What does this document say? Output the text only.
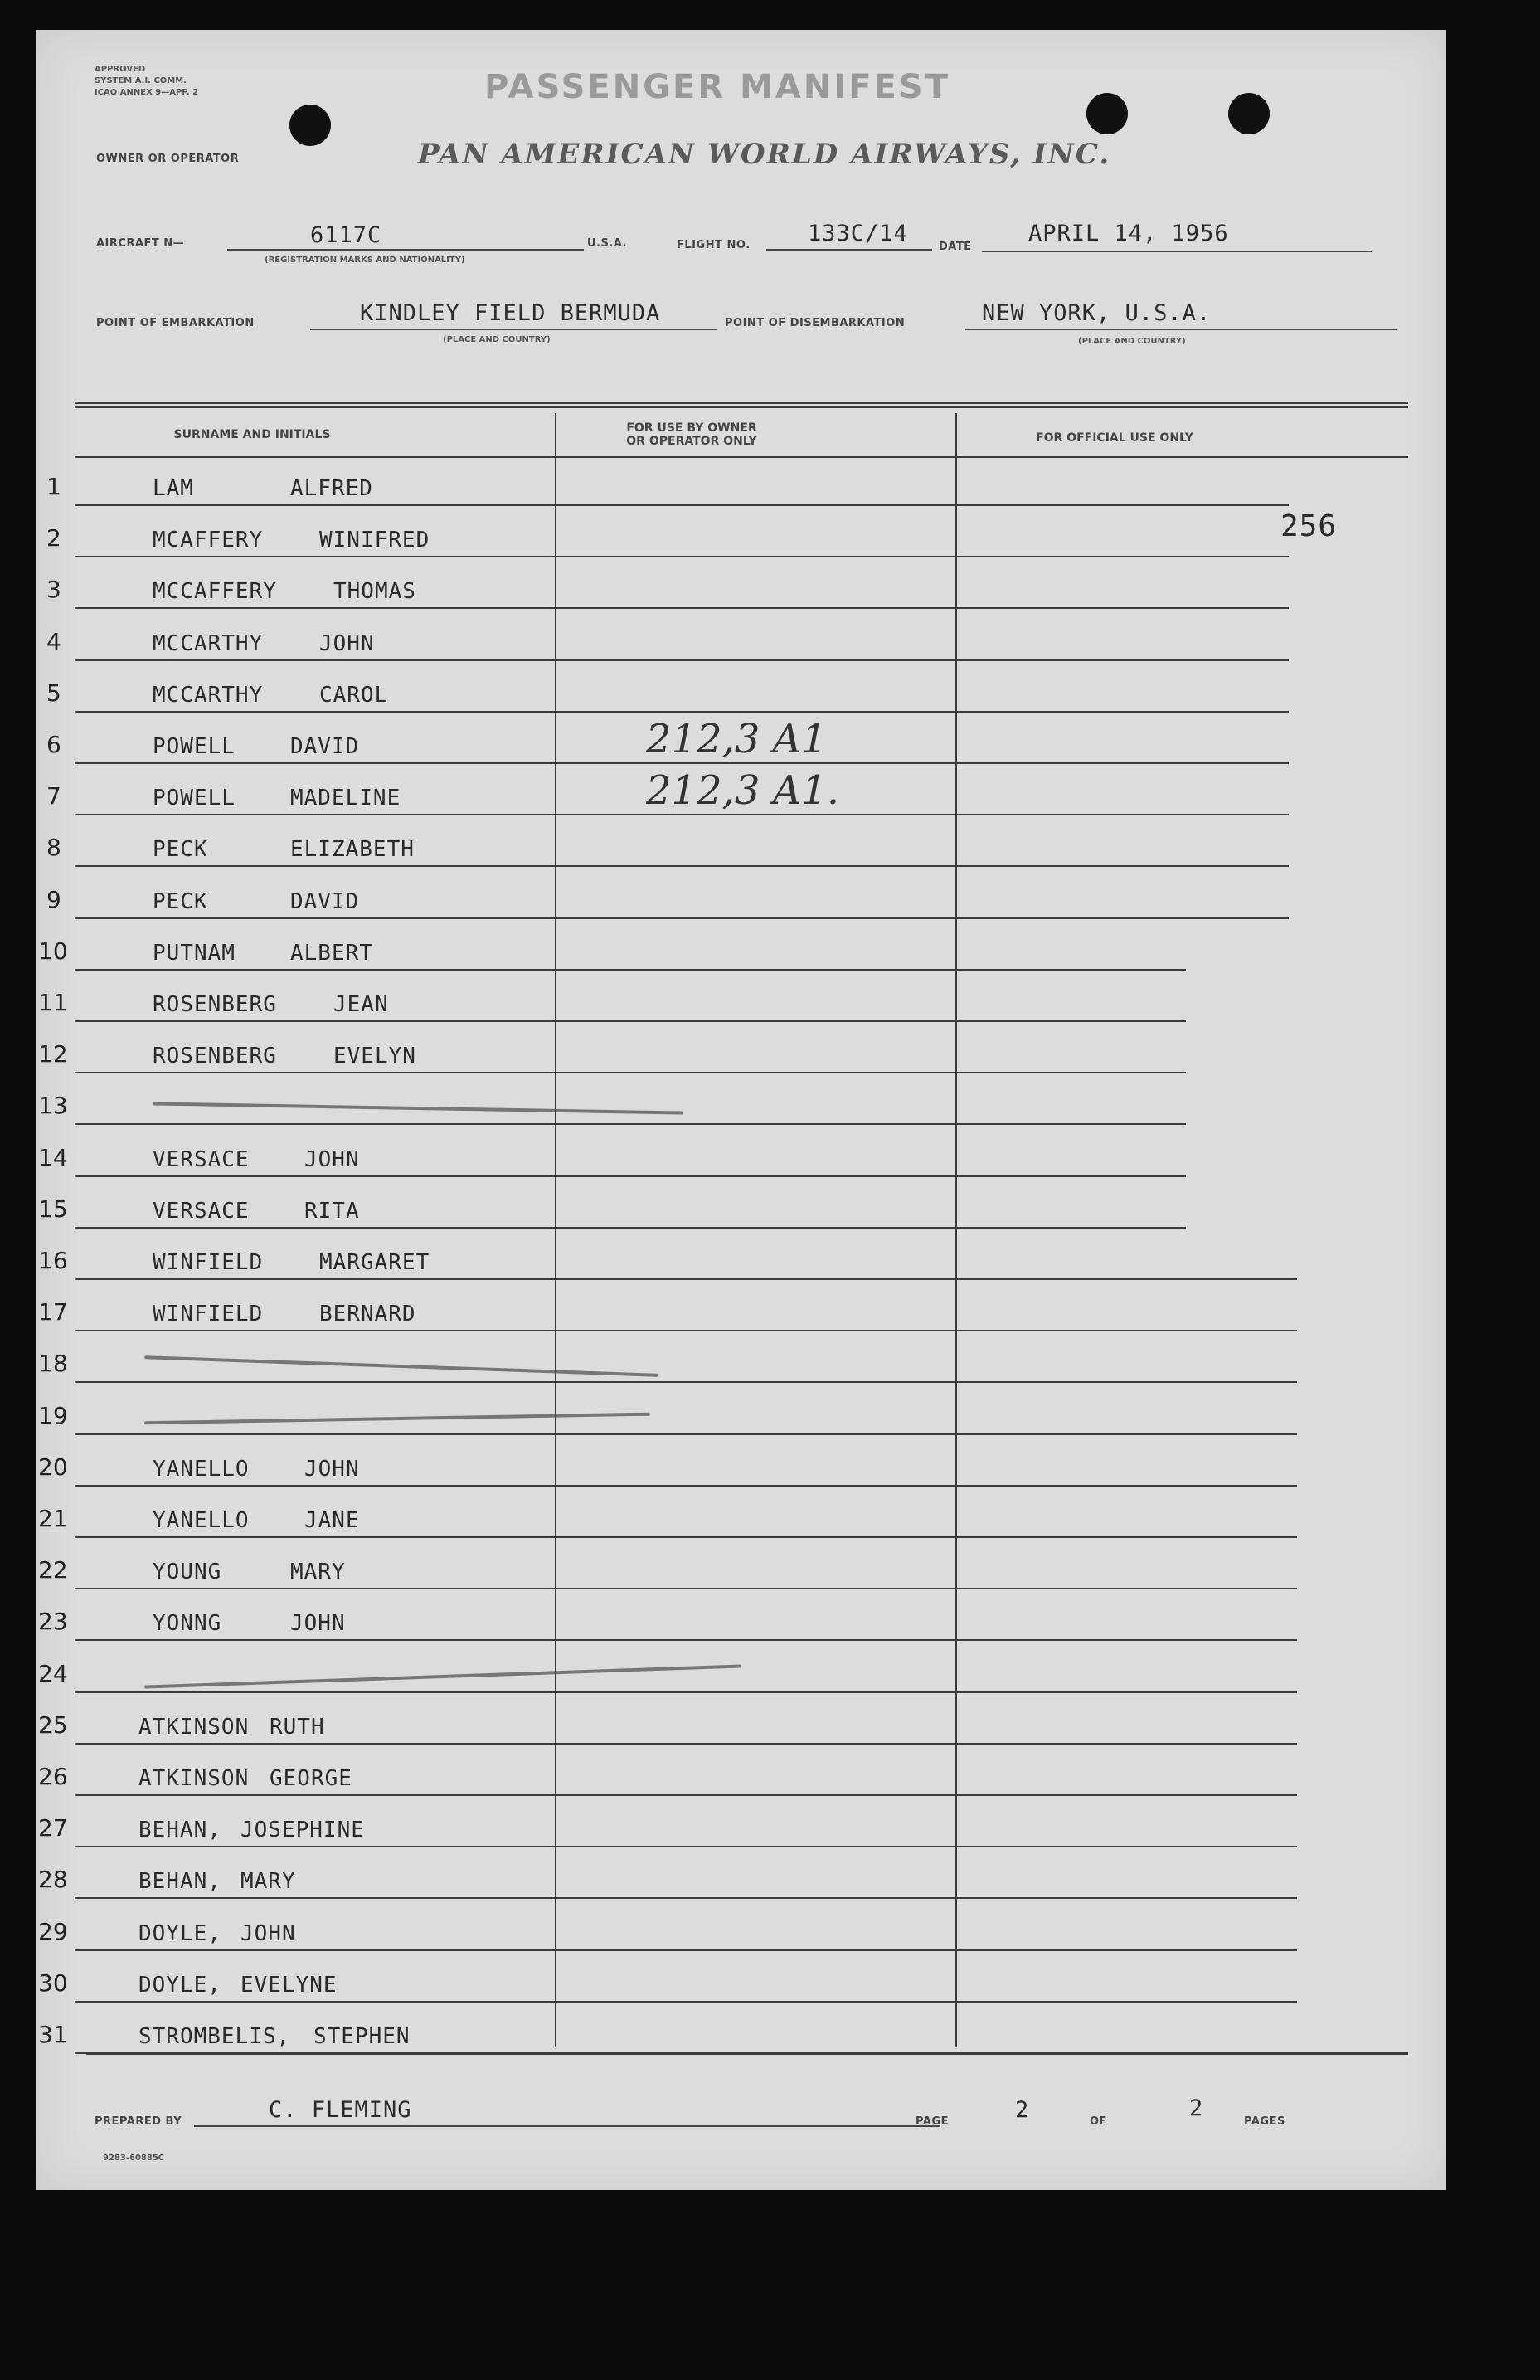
APPROVED
SYSTEM A.I. COMM.
ICAO ANNEX 9—APP. 2	PASSENGER MANIFEST
OWNER OR OPERATOR	PAN AMERICAN WORLD AIRWAYS, INC.
AIRCRAFT N—	6117C
(REGISTRATION MARKS AND NATIONALITY)
U.S.A.	FLIGHT NO.	133C/14
DATE
APRIL 14, 1956
POINT OF EMBARKATION	KINDLEY FIELD BERMUDA
(PLACE AND COUNTRY)
POINT OF DISEMBARKATION	NEW YORK, U.S.A.
(PLACE AND COUNTRY)
SURNAME AND INITIALS	FOR USE BY OWNER
OR OPERATOR ONLY	FOR OFFICIAL USE ONLY
256
1	LAM	ALFRED
2	MCAFFERY	WINIFRED
3	MCCAFFERY	THOMAS
4	MCCARTHY	JOHN
5	MCCARTHY	CAROL
6	POWELL	DAVID	212,3 A1
7	POWELL	MADELINE	212,3 A1.
8	PECK	ELIZABETH
9	PECK	DAVID
10	PUTNAM	ALBERT
11	ROSENBERG	JEAN
12	ROSENBERG	EVELYN
13
14	VERSACE	JOHN
15	VERSACE	RITA
16	WINFIELD	MARGARET
17	WINFIELD	BERNARD
18
19
20	YANELLO	JOHN
21	YANELLO	JANE
22	YOUNG	MARY
23	YONNG	JOHN
24
25	ATKINSON RUTH
26	ATKINSON GEORGE
27	BEHAN, JOSEPHINE
28	BEHAN, MARY
29	DOYLE, JOHN
30	DOYLE, EVELYNE
31	STROMBELIS, STEPHEN
PREPARED BY	C. FLEMING	PAGE	2	OF
2
PAGES
9283-60885C
